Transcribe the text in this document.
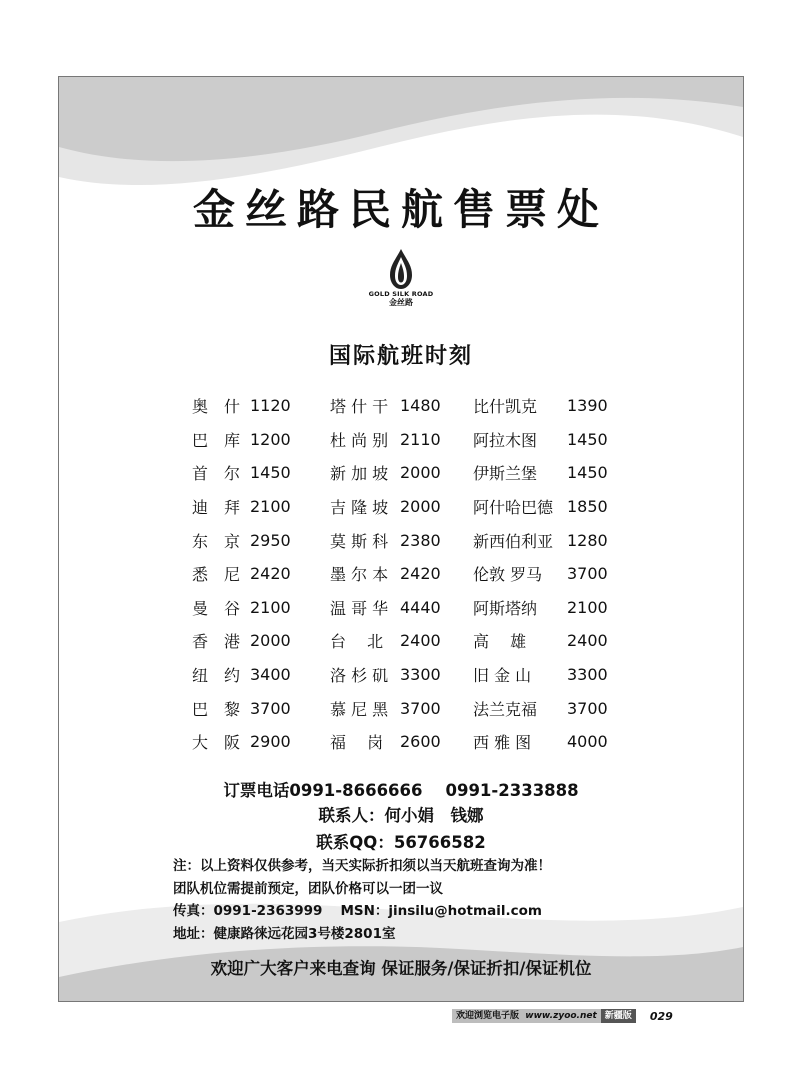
金丝路民航售票处
GOLD SILK ROAD
金丝路
国际航班时刻
奥　什 1120 塔 什 干 1480 比什凯克	1390
巴　库 1200 杜 尚 别 2110 阿拉木图	1450
首　尔 1450 新 加 坡 2000 伊斯兰堡	1450
迪　拜 2100 吉 隆 坡 2000 阿什哈巴德 1850
东　京 2950 莫 斯 科 2380 新西伯利亚 1280
悉　尼 2420 墨 尔 本 2420 伦敦 罗马	3700
曼　谷 2100 温 哥 华 4440 阿斯塔纳	2100
香　港 2000 台　 北	2400 高　 雄	2400
纽　约 3400 洛 杉 矶 3300 旧 金 山	3300
巴　黎 3700 慕 尼 黑 3700 法兰克福	3700
大　阪 2900 福　 岗	2600 西 雅 图	4000
订票电话0991-8666666 0991-2333888
联系人：何小娟　钱娜
联系QQ：56766582
注：以上资料仅供参考，当天实际折扣须以当天航班查询为准！
团队机位需提前预定，团队价格可以一团一议
传真：0991-2363999 MSN：jinsilu@hotmail.com
地址：健康路徕远花园3号楼2801室
欢迎广大客户来电查询 保证服务/保证折扣/保证机位
欢迎浏览电子版 www.zyoo.net 新疆版	029
